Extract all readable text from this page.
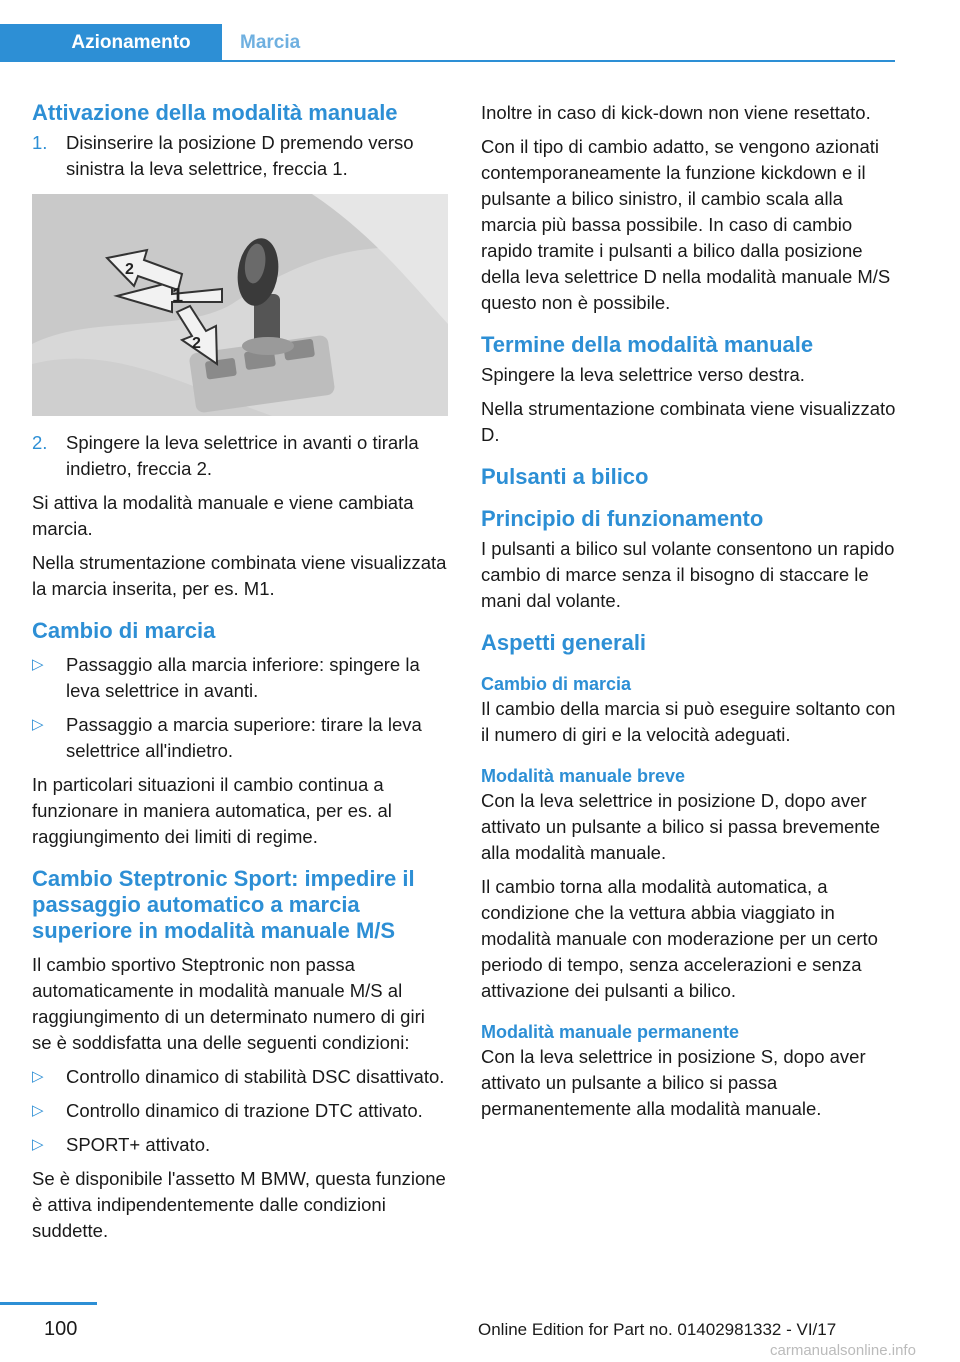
Azionamento	Marcia
Attivazione della modalità manuale
1.	Disinserire la posizione D premendo verso sinistra la leva selettrice, freccia 1.
1
2
2
2.	Spingere la leva selettrice in avanti o tirarla indietro, freccia 2.

Si attiva la modalità manuale e viene cambiata marcia.

Nella strumentazione combinata viene visualizzata la marcia inserita, per es. M1.

Cambio di marcia
▷	Passaggio alla marcia inferiore: spingere la leva selettrice in avanti.
▷	Passaggio a marcia superiore: tirare la leva selettrice all'indietro.

In particolari situazioni il cambio continua a funzionare in maniera automatica, per es. al raggiungimento dei limiti di regime.

Cambio Steptronic Sport: impedire il passaggio automatico a marcia superiore in modalità manuale M/S

Il cambio sportivo Steptronic non passa automaticamente in modalità manuale M/S al raggiungimento di un determinato numero di giri se è soddisfatta una delle seguenti condizioni:

▷	Controllo dinamico di stabilità DSC disattivato.
▷	Controllo dinamico di trazione DTC attivato.
▷	SPORT+ attivato.

Se è disponibile l'assetto M BMW, questa funzione è attiva indipendentemente dalle condizioni suddette.

Inoltre in caso di kick-down non viene resettato.

Con il tipo di cambio adatto, se vengono azionati contemporaneamente la funzione kickdown e il pulsante a bilico sinistro, il cambio scala alla marcia più bassa possibile. In caso di cambio rapido tramite i pulsanti a bilico dalla posizione della leva selettrice D nella modalità manuale M/S questo non è possibile.

Termine della modalità manuale

Spingere la leva selettrice verso destra.

Nella strumentazione combinata viene visualizzato D.

Pulsanti a bilico
Principio di funzionamento

I pulsanti a bilico sul volante consentono un rapido cambio di marce senza il bisogno di staccare le mani dal volante.

Aspetti generali
Cambio di marcia

Il cambio della marcia si può eseguire soltanto con il numero di giri e la velocità adeguati.

Modalità manuale breve

Con la leva selettrice in posizione D, dopo aver attivato un pulsante a bilico si passa brevemente alla modalità manuale.

Il cambio torna alla modalità automatica, a condizione che la vettura abbia viaggiato in modalità manuale con moderazione per un certo periodo di tempo, senza accelerazioni e senza attivazione dei pulsanti a bilico.

Modalità manuale permanente

Con la leva selettrice in posizione S, dopo aver attivato un pulsante a bilico si passa permanentemente alla modalità manuale.

100	Online Edition for Part no. 01402981332 - VI/17
carmanualsonline.info
